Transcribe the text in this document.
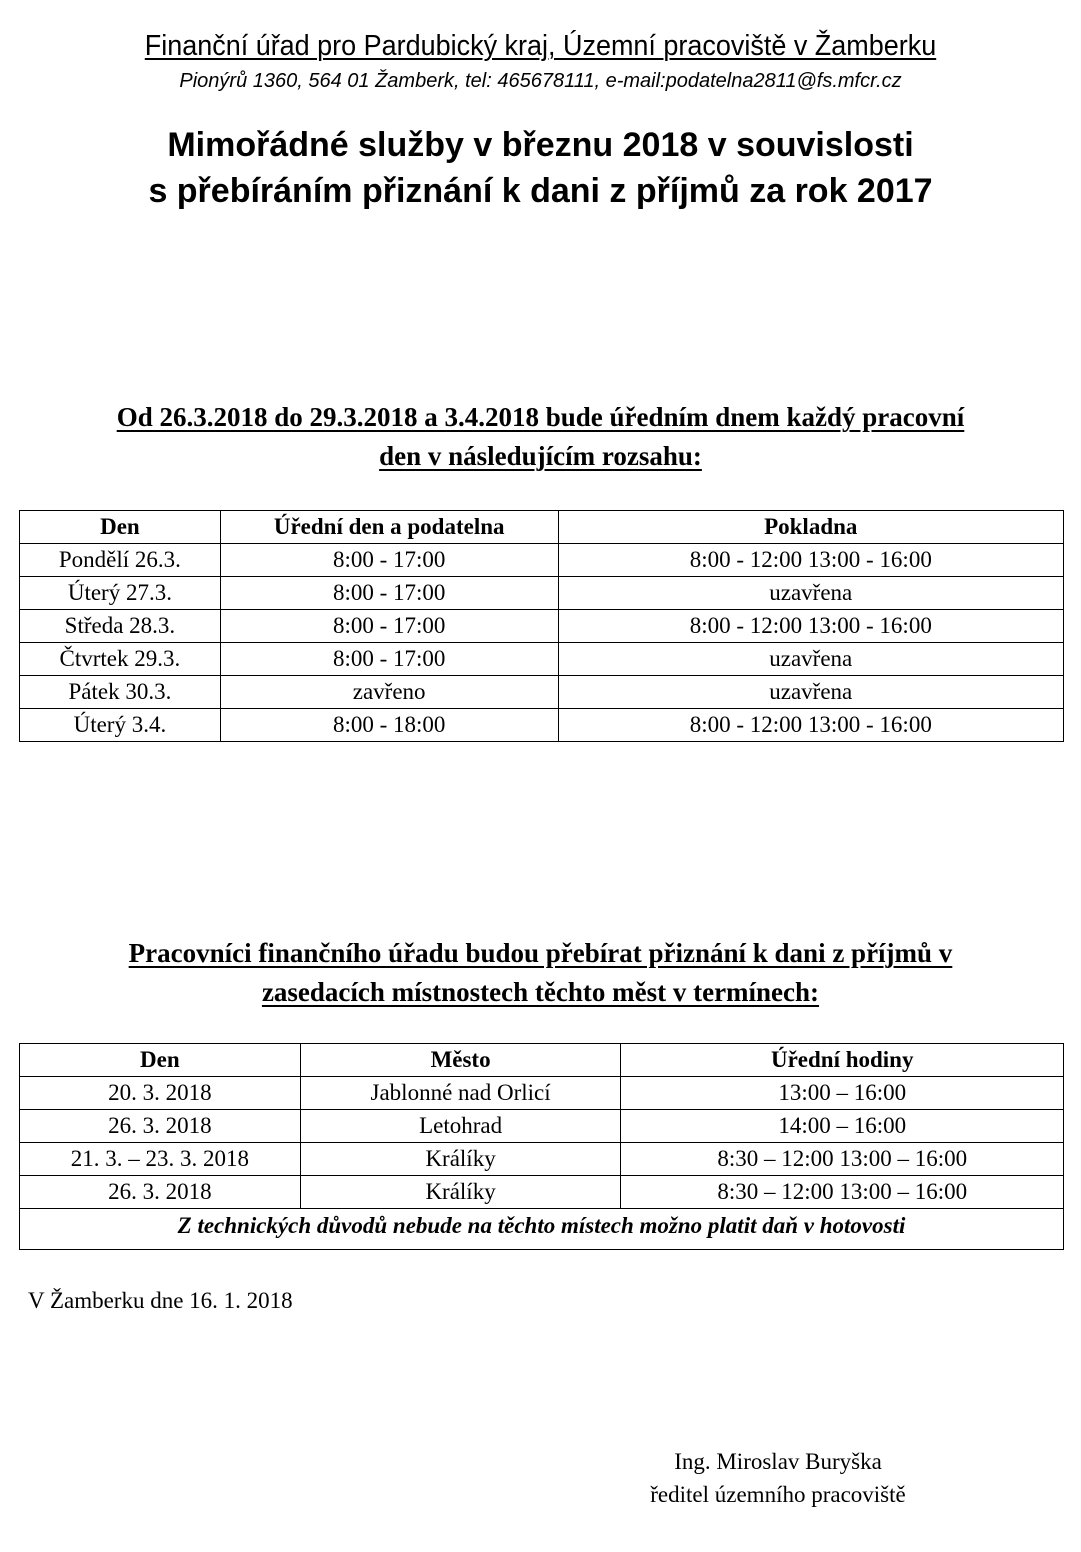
Finanční úřad pro Pardubický kraj, Územní pracoviště v Žamberku
Pionýrů 1360, 564 01 Žamberk, tel: 465678111, e-mail:podatelna2811@fs.mfcr.cz
Mimořádné služby v březnu 2018 v souvislosti
s přebíráním přiznání k dani z příjmů za rok 2017
Od 26.3.2018 do 29.3.2018 a 3.4.2018 bude úředním dnem každý pracovní
den v následujícím rozsahu:
Den	Úřední den a podatelna	Pokladna
Pondělí 26.3.	8:00 - 17:00	8:00 - 12:00 13:00 - 16:00
Úterý 27.3.	8:00 - 17:00	uzavřena
Středa 28.3.	8:00 - 17:00	8:00 - 12:00 13:00 - 16:00
Čtvrtek 29.3.	8:00 - 17:00	uzavřena
Pátek 30.3.	zavřeno	uzavřena
Úterý 3.4.	8:00 - 18:00	8:00 - 12:00 13:00 - 16:00
Pracovníci finančního úřadu budou přebírat přiznání k dani z příjmů v
zasedacích místnostech těchto měst v termínech:
Den	Město	Úřední hodiny
20. 3. 2018	Jablonné nad Orlicí	13:00 – 16:00
26. 3. 2018	Letohrad	14:00 – 16:00
21. 3. – 23. 3. 2018	Králíky	8:30 – 12:00 13:00 – 16:00
26. 3. 2018	Králíky	8:30 – 12:00 13:00 – 16:00
Z technických důvodů nebude na těchto místech možno platit daň v hotovosti		
V Žamberku dne 16. 1. 2018
Ing. Miroslav Buryška
ředitel územního pracoviště
